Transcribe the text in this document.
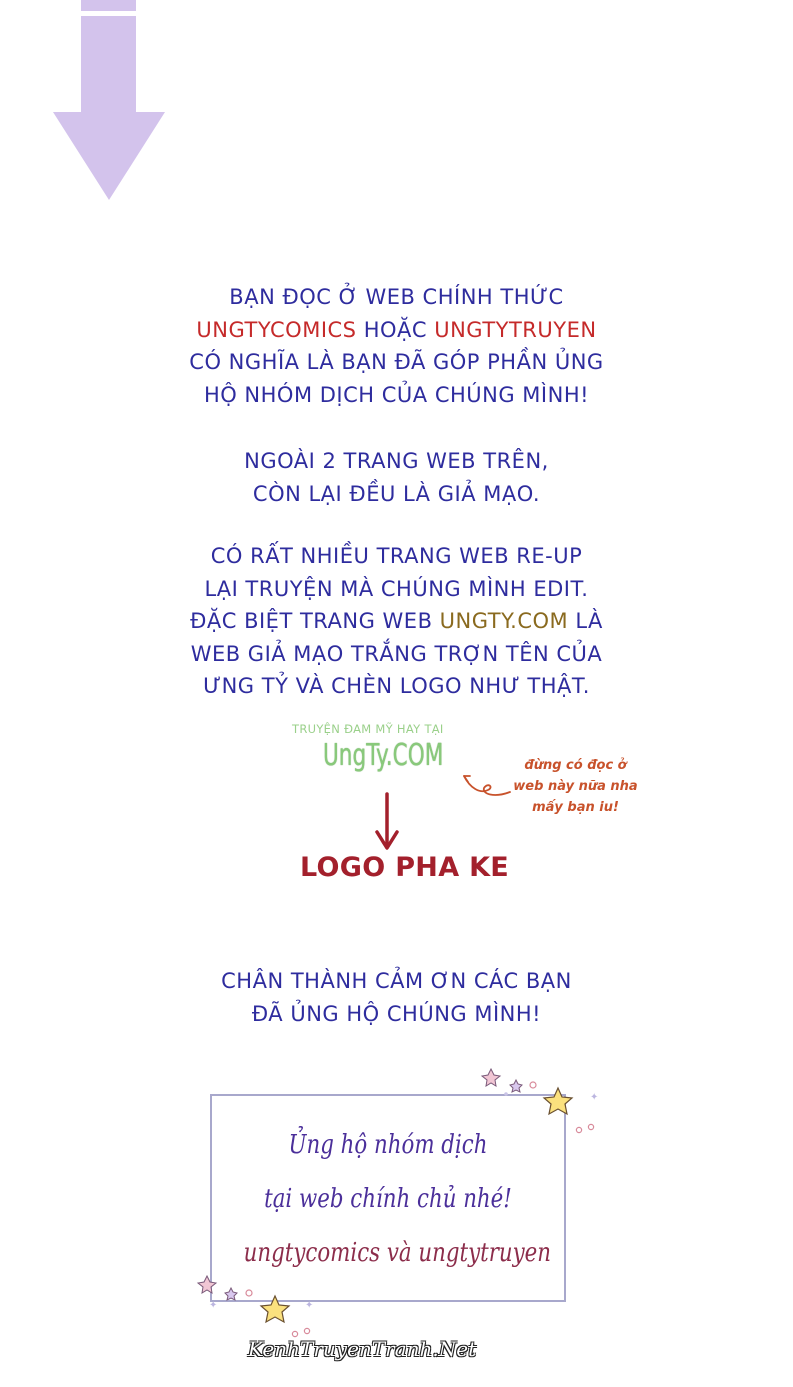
BẠN ĐỌC Ở WEB CHÍNH THỨC
UNGTYCOMICS HOẶC UNGTYTRUYEN
CÓ NGHĨA LÀ BẠN ĐÃ GÓP PHẦN ỦNG
HỘ NHÓM DỊCH CỦA CHÚNG MÌNH!
NGOÀI 2 TRANG WEB TRÊN,
CÒN LẠI ĐỀU LÀ GIẢ MẠO.
CÓ RẤT NHIỀU TRANG WEB RE-UP
LẠI TRUYỆN MÀ CHÚNG MÌNH EDIT.
ĐẶC BIỆT TRANG WEB UNGTY.COM LÀ
WEB GIẢ MẠO TRẮNG TRỢN TÊN CỦA
ƯNG TỶ VÀ CHÈN LOGO NHƯ THẬT.
TRUYỆN ĐAM MỸ HAY TẠI
UngTy.COM	đừng có đọc ở
web này nữa nha
mấy bạn iu!
LOGO PHA KE
CHÂN THÀNH CẢM ƠN CÁC BẠN
ĐÃ ỦNG HỘ CHÚNG MÌNH!
Ủng hộ nhóm dịch
tại web chính chủ nhé!
ungtycomics và ungtytruyen
✦
✦	✦
KenhTruyenTranh.Net
